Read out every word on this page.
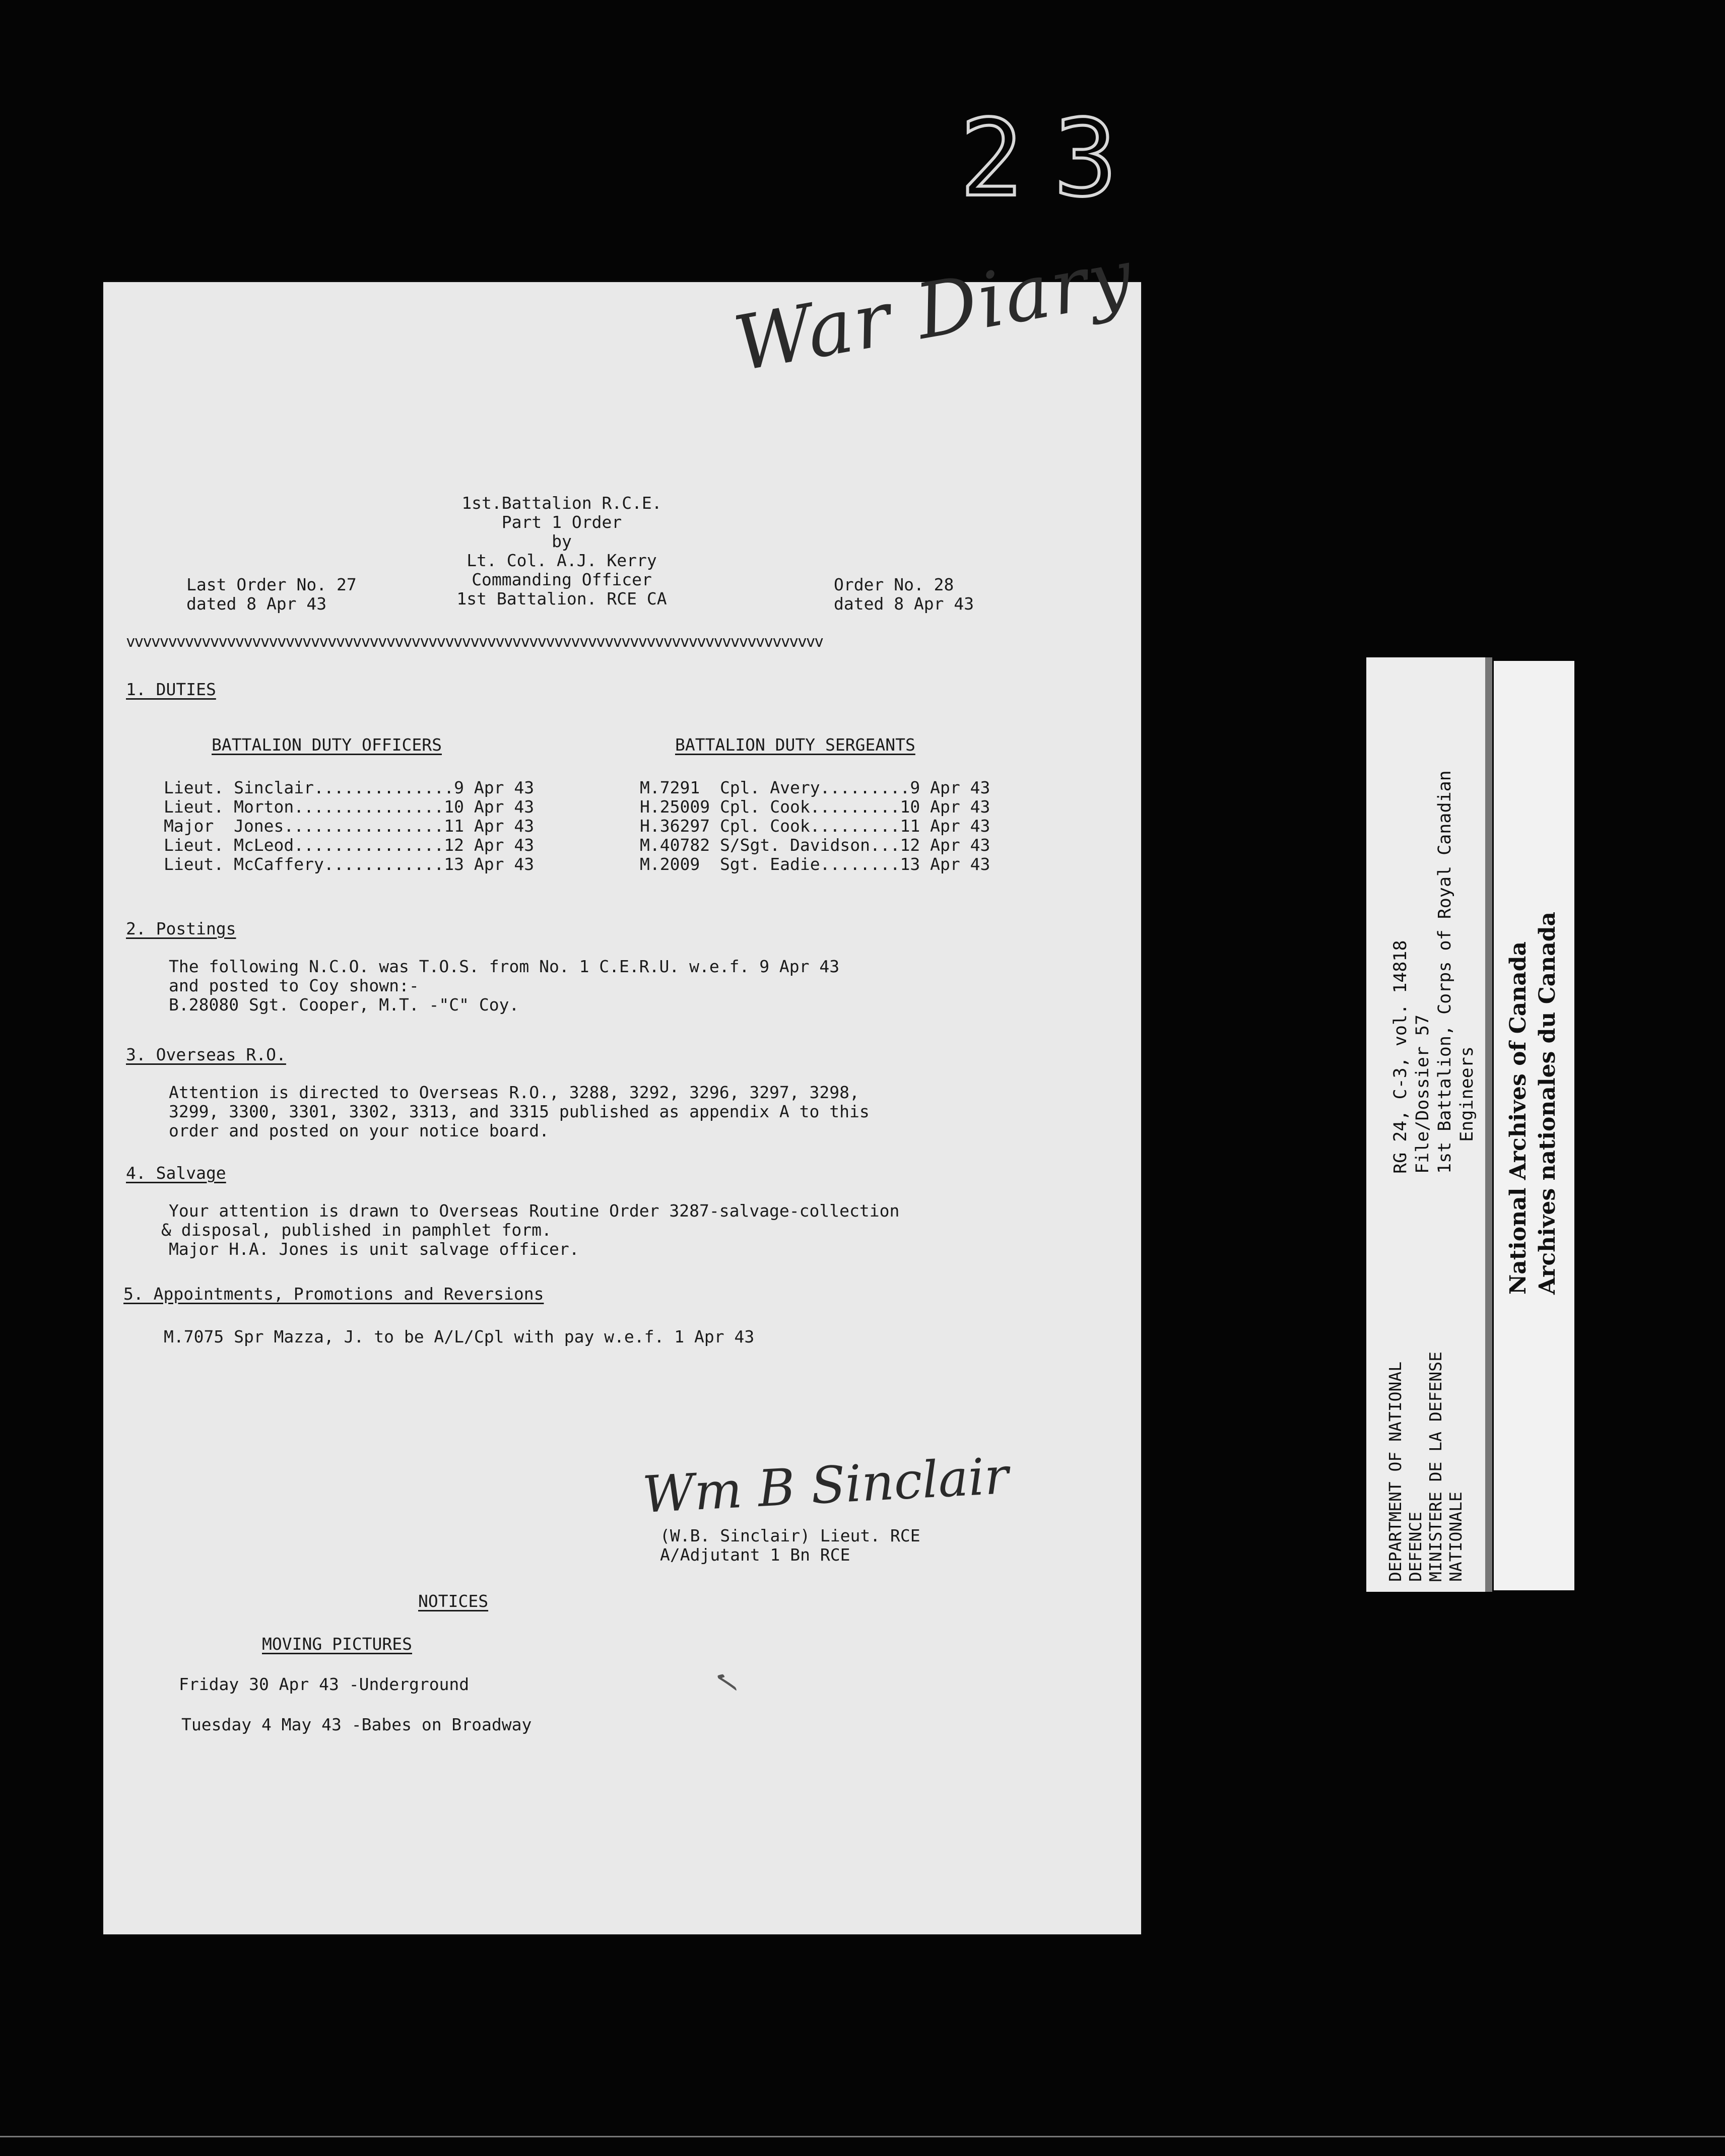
23
War Diary
1st.Battalion R.C.E.
Part 1 Order
by
Lt. Col. A.J. Kerry
Commanding Officer
1st Battalion. RCE CA
Last Order No. 27
dated 8 Apr 43
Order No. 28
dated 8 Apr 43
vvvvvvvvvvvvvvvvvvvvvvvvvvvvvvvvvvvvvvvvvvvvvvvvvvvvvvvvvvvvvvvvvvvvvvvvvvvvvvvvvvv
1. DUTIES
BATTALION DUTY OFFICERS	BATTALION DUTY SERGEANTS
Lieut. Sinclair..............9 Apr 43
Lieut. Morton...............10 Apr 43
Major  Jones................11 Apr 43
Lieut. McLeod...............12 Apr 43
Lieut. McCaffery............13 Apr 43
M.7291  Cpl. Avery.........9 Apr 43
H.25009 Cpl. Cook.........10 Apr 43
H.36297 Cpl. Cook.........11 Apr 43
M.40782 S/Sgt. Davidson...12 Apr 43
M.2009  Sgt. Eadie........13 Apr 43
2. Postings
The following N.C.O. was T.O.S. from No. 1 C.E.R.U. w.e.f. 9 Apr 43
and posted to Coy shown:-
B.28080 Sgt. Cooper, M.T. -"C" Coy.
3. Overseas R.O.
Attention is directed to Overseas R.O., 3288, 3292, 3296, 3297, 3298,
3299, 3300, 3301, 3302, 3313, and 3315 published as appendix A to this
order and posted on your notice board.
4. Salvage
Your attention is drawn to Overseas Routine Order 3287-salvage-collection
& disposal, published in pamphlet form.
Major H.A. Jones is unit salvage officer.
5. Appointments, Promotions and Reversions
M.7075 Spr Mazza, J. to be A/L/Cpl with pay w.e.f. 1 Apr 43
Wm B Sinclair
(W.B. Sinclair) Lieut. RCE
A/Adjutant 1 Bn RCE
NOTICES
MOVING PICTURES
Friday 30 Apr 43 -Underground
Tuesday 4 May 43 -Babes on Broadway
✓
RG 24, C-3, vol. 14818
File/Dossier 57
1st Battalion, Corps of Royal Canadian
Engineers
DEPARTMENT OF NATIONAL
DEFENCE
MINISTERE DE LA DEFENSE
NATIONALE
National Archives of Canada
Archives nationales du Canada
